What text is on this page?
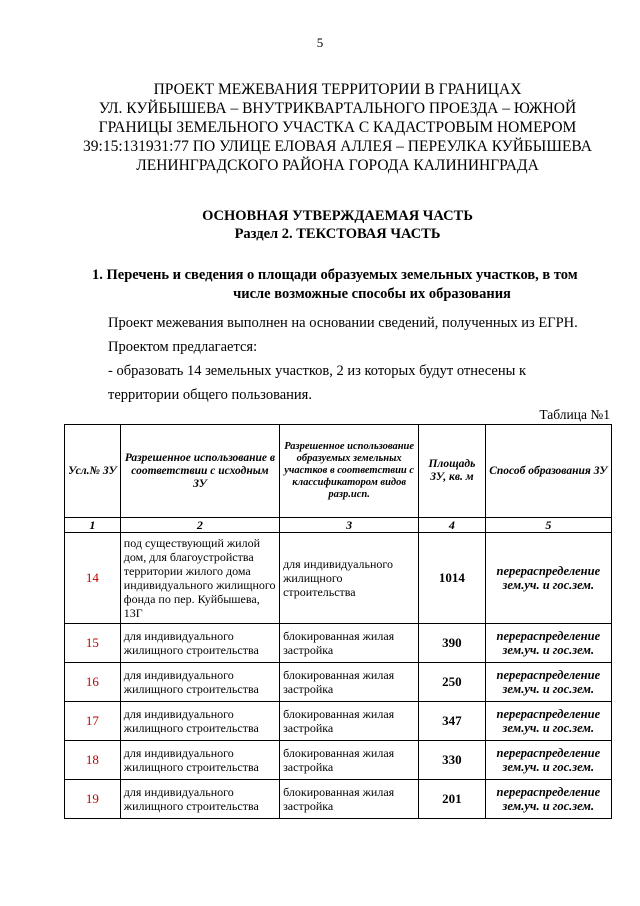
5
ПРОЕКТ МЕЖЕВАНИЯ ТЕРРИТОРИИ В ГРАНИЦАХ
УЛ. КУЙБЫШЕВА – ВНУТРИКВАРТАЛЬНОГО ПРОЕЗДА – ЮЖНОЙ
ГРАНИЦЫ ЗЕМЕЛЬНОГО УЧАСТКА С КАДАСТРОВЫМ НОМЕРОМ
39:15:131931:77 ПО УЛИЦЕ ЕЛОВАЯ АЛЛЕЯ – ПЕРЕУЛКА КУЙБЫШЕВА
ЛЕНИНГРАДСКОГО РАЙОНА ГОРОДА КАЛИНИНГРАДА
ОСНОВНАЯ УТВЕРЖДАЕМАЯ ЧАСТЬ
Раздел 2. ТЕКСТОВАЯ ЧАСТЬ
1. Перечень и сведения о площади образуемых земельных участков, в том
числе возможные способы их образования
Проект межевания выполнен на основании сведений, полученных из ЕГРН.
Проектом предлагается:
- образовать 14 земельных участков, 2 из которых будут отнесены к
территории общего пользования.
Таблица №1
Усл.№ ЗУ	Разрешенное использование в соответствии с исходным ЗУ	Разрешенное использование образуемых земельных участков в соответствии с классификатором видов разр.исп.	Площадь ЗУ, кв. м	Способ образования ЗУ
1	2	3	4	5
14	под существующий жилой дом, для благоустройства территории жилого дома индивидуального жилищного фонда по пер. Куйбышева, 13Г	для индивидуального жилищного строительства	1014	перераспределение зем.уч. и гос.зем.
15	для индивидуального жилищного строительства	блокированная жилая застройка	390	перераспределение зем.уч. и гос.зем.
16	для индивидуального жилищного строительства	блокированная жилая застройка	250	перераспределение зем.уч. и гос.зем.
17	для индивидуального жилищного строительства	блокированная жилая застройка	347	перераспределение зем.уч. и гос.зем.
18	для индивидуального жилищного строительства	блокированная жилая застройка	330	перераспределение зем.уч. и гос.зем.
19	для индивидуального жилищного строительства	блокированная жилая застройка	201	перераспределение зем.уч. и гос.зем.
